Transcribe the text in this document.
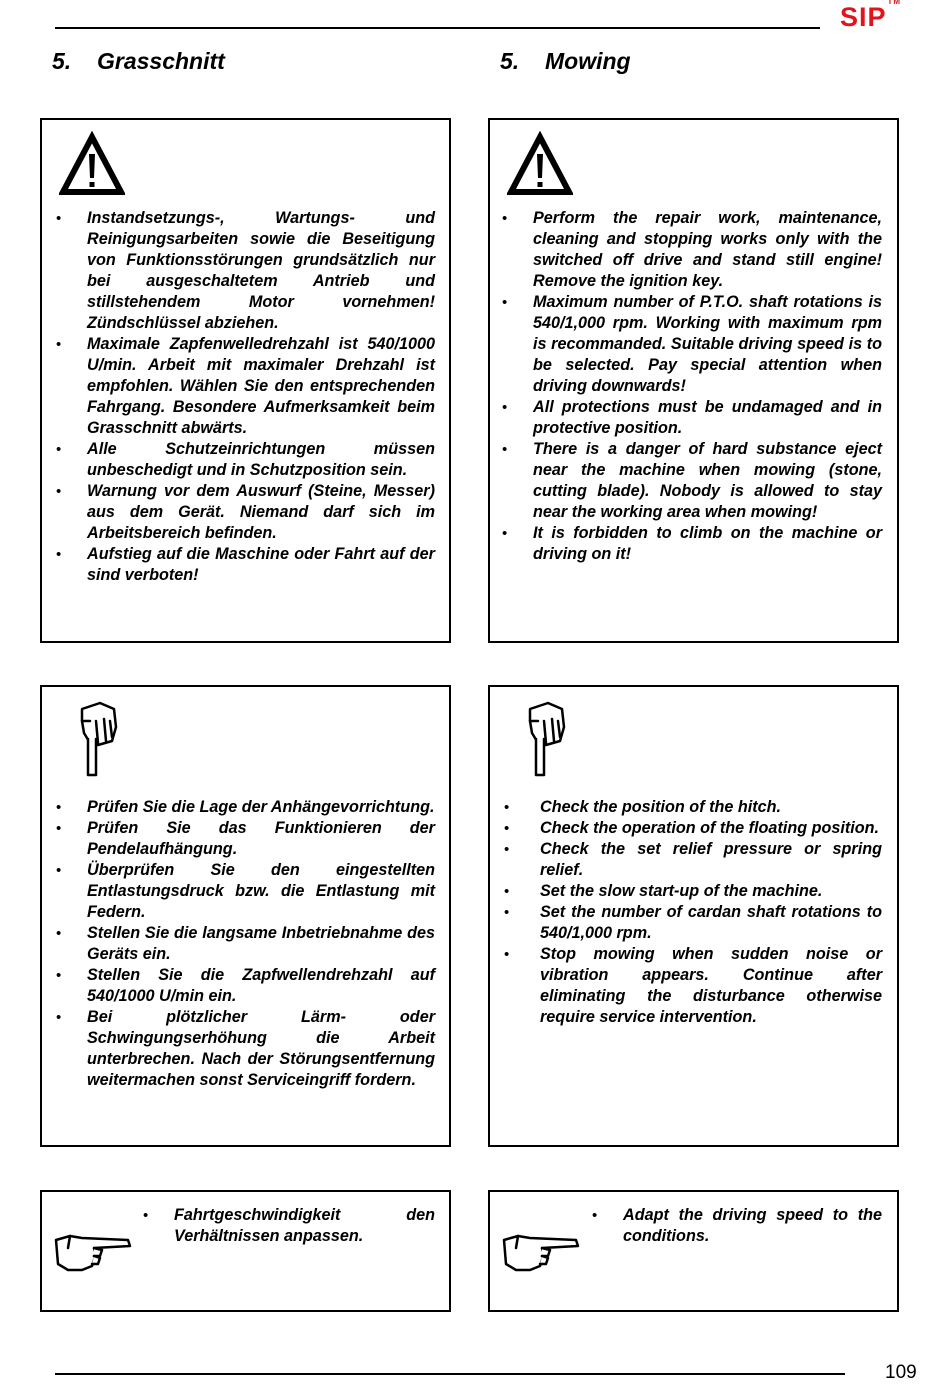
SIP™
5. Grasschnitt	5. Mowing
• Instandsetzungs-, Wartungs- und Reinigungsarbeiten sowie die Beseitigung von Funktionsstörungen grundsätzlich nur bei ausgeschaltetem Antrieb und stillstehendem Motor vornehmen! Zündschlüssel abziehen.
• Maximale Zapfenwelledrehzahl ist 540/1000 U/min. Arbeit mit maximaler Drehzahl ist empfohlen. Wählen Sie den entsprechenden Fahrgang. Besondere Aufmerksamkeit beim Grasschnitt abwärts.
• Alle Schutzeinrichtungen müssen unbeschedigt und in Schutzposition sein.
• Warnung vor dem Auswurf (Steine, Messer) aus dem Gerät. Niemand darf sich im Arbeitsbereich befinden.
• Aufstieg auf die Maschine oder Fahrt auf der sind verboten!
• Perform the repair work, maintenance, cleaning and stopping works only with the switched off drive and stand still engine! Remove the ignition key.
• Maximum number of P.T.O. shaft rotations is 540/1,000 rpm. Working with maximum rpm is recommanded. Suitable driving speed is to be selected. Pay special attention when driving downwards!
• All protections must be undamaged and in protective position.
• There is a danger of hard substance eject near the machine when mowing (stone, cutting blade). Nobody is allowed to stay near the working area when mowing!
• It is forbidden to climb on the machine or driving on it!
• Prüfen Sie die Lage der Anhängevorrichtung.
• Prüfen Sie das Funktionieren der Pendelaufhängung.
• Überprüfen Sie den eingestellten Entlastungsdruck bzw. die Entlastung mit Federn.
• Stellen Sie die langsame Inbetriebnahme des Geräts ein.
• Stellen Sie die Zapfwellendrehzahl auf 540/1000 U/min ein.
• Bei plötzlicher Lärm- oder Schwingungserhöhung die Arbeit unterbrechen. Nach der Störungsentfernung weitermachen sonst Serviceingriff fordern.
• Check the position of the hitch.
• Check the operation of the floating position.
• Check the set relief pressure or spring relief.
• Set the slow start-up of the machine.
• Set the number of cardan shaft rotations to 540/1,000 rpm.
• Stop mowing when sudden noise or vibration appears. Continue after eliminating the disturbance otherwise require service intervention.
• Fahrtgeschwindigkeit den Verhältnissen anpassen.
• Adapt the driving speed to the conditions.
109
